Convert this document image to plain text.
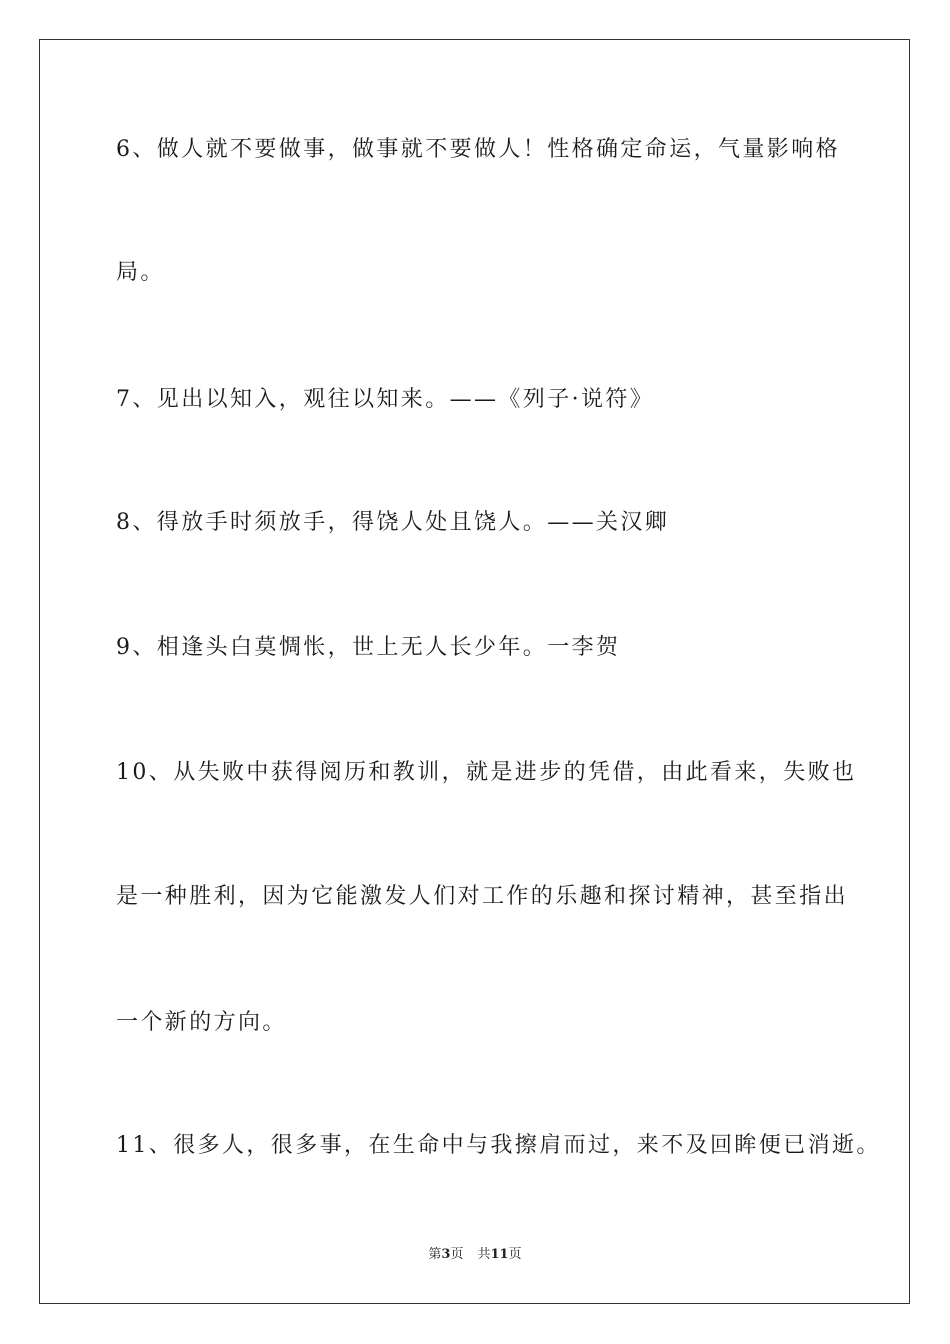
6、做人就不要做事，做事就不要做人！性格确定命运，气量影响格
局。
7、见出以知入，观往以知来。——《列子·说符》
8、得放手时须放手，得饶人处且饶人。——关汉卿
9、相逢头白莫惆怅，世上无人长少年。一李贺
10、从失败中获得阅历和教训，就是进步的凭借，由此看来，失败也
是一种胜利，因为它能激发人们对工作的乐趣和探讨精神，甚至指出
一个新的方向。
11、很多人，很多事，在生命中与我擦肩而过，来不及回眸便已消逝。
第3页 共11页
